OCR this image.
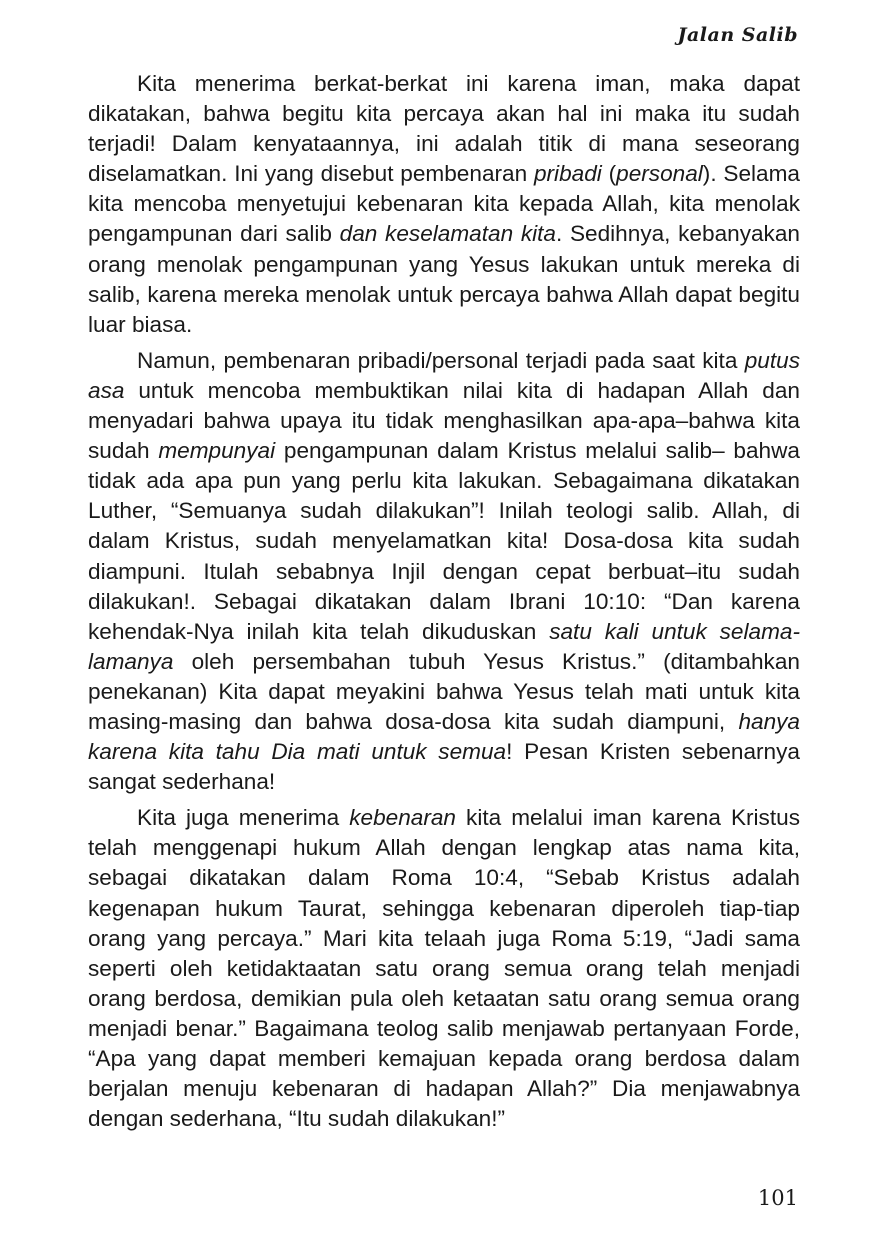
Jalan Salib

Kita menerima berkat-berkat ini karena iman, maka dapat dikatakan, bahwa begitu kita percaya akan hal ini maka itu sudah terjadi! Dalam kenyataannya, ini adalah titik di mana seseorang diselamatkan. Ini yang disebut pembenaran pribadi (personal). Selama kita mencoba menyetujui kebenaran kita kepada Allah, kita menolak pengampunan dari salib dan keselamatan kita. Sedihnya, kebanyakan orang menolak pengampunan yang Yesus lakukan untuk mereka di salib, karena mereka menolak untuk percaya bahwa Allah dapat begitu luar biasa.

Namun, pembenaran pribadi/personal terjadi pada saat kita putus asa untuk mencoba membuktikan nilai kita di hadapan Allah dan menyadari bahwa upaya itu tidak menghasilkan apa-apa–bahwa kita sudah mempunyai pengampunan dalam Kristus melalui salib– bahwa tidak ada apa pun yang perlu kita lakukan. Sebagaimana dikatakan Luther, “Semuanya sudah dilakukan”! Inilah teologi salib. Allah, di dalam Kristus, sudah menyelamatkan kita! Dosa-dosa kita sudah diampuni. Itulah sebabnya Injil dengan cepat berbuat–itu sudah dilakukan!. Sebagai dikatakan dalam Ibrani 10:10: “Dan karena kehendak-Nya inilah kita telah dikuduskan satu kali untuk selama-lamanya oleh persembahan tubuh Yesus Kristus.” (ditambahkan penekanan) Kita dapat meyakini bahwa Yesus telah mati untuk kita masing-masing dan bahwa dosa-dosa kita sudah diampuni, hanya karena kita tahu Dia mati untuk semua! Pesan Kristen sebenarnya sangat sederhana!

Kita juga menerima kebenaran kita melalui iman karena Kristus telah menggenapi hukum Allah dengan lengkap atas nama kita, sebagai dikatakan dalam Roma 10:4, “Sebab Kristus adalah kegenapan hukum Taurat, sehingga kebenaran diperoleh tiap-tiap orang yang percaya.” Mari kita telaah juga Roma 5:19, “Jadi sama seperti oleh ketidaktaatan satu orang semua orang telah menjadi orang berdosa, demikian pula oleh ketaatan satu orang semua orang menjadi benar.” Bagaimana teolog salib menjawab pertanyaan Forde, “Apa yang dapat memberi kemajuan kepada orang berdosa dalam berjalan menuju kebenaran di hadapan Allah?” Dia menjawabnya dengan sederhana, “Itu sudah dilakukan!”

101
